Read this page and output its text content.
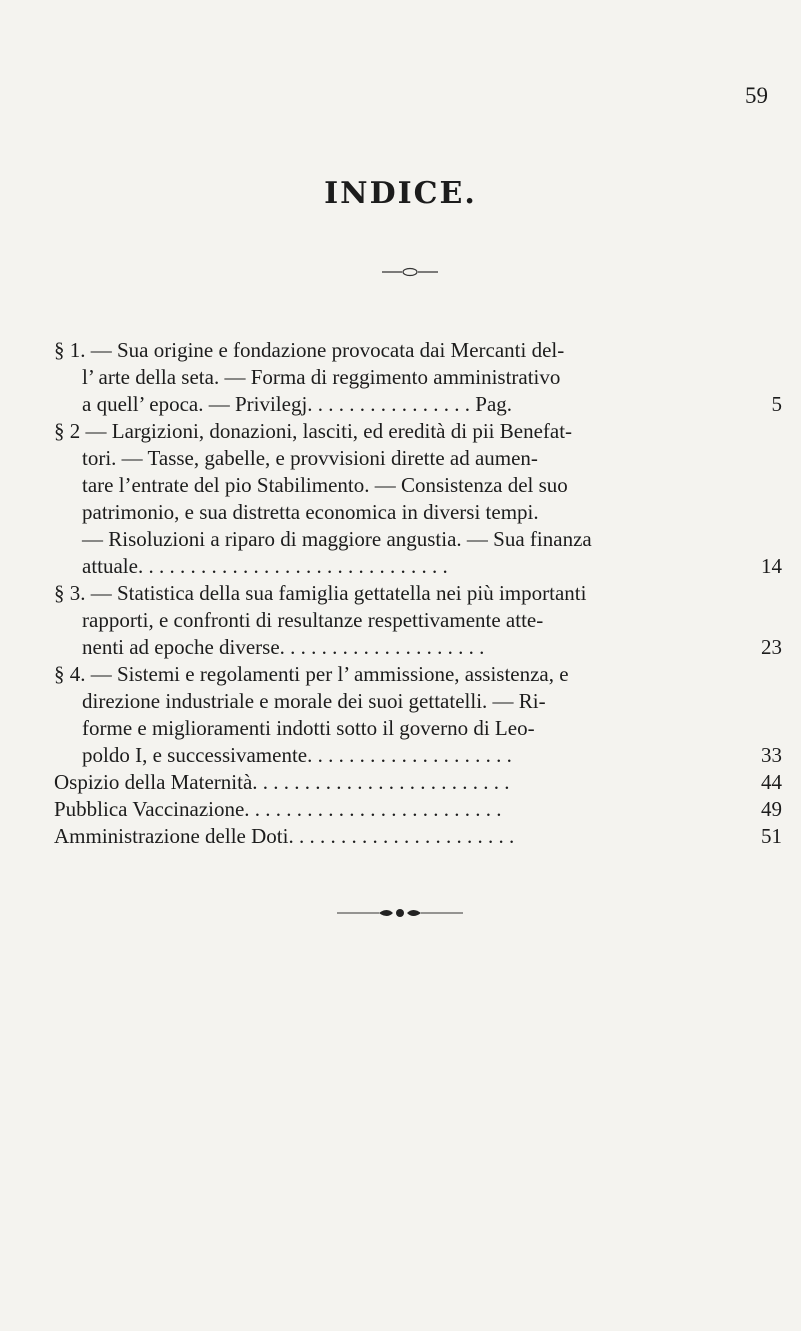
59
INDICE.
§ 1. — Sua origine e fondazione provocata dai Mercanti del-
l’ arte della seta. — Forma di reggimento amministrativo
a quell’ epoca. — Privilegj. . . . . . . . . . . . . . . . Pag.	5
§ 2 — Largizioni, donazioni, lasciti, ed eredità di pii Benefat-
tori. — Tasse, gabelle, e provvisioni dirette ad aumen-
tare l’entrate del pio Stabilimento. — Consistenza del suo
patrimonio, e sua distretta economica in diversi tempi.
— Risoluzioni a riparo di maggiore angustia. — Sua finanza
attuale. . . . . . . . . . . . . . . . . . . . . . . . . . . . . .	14
§ 3. — Statistica della sua famiglia gettatella nei più importanti
rapporti, e confronti di resultanze respettivamente atte-
nenti ad epoche diverse. . . . . . . . . . . . . . . . . . . .	23
§ 4. — Sistemi e regolamenti per l’ ammissione, assistenza, e
direzione industriale e morale dei suoi gettatelli. — Ri-
forme e miglioramenti indotti sotto il governo di Leo-
poldo I, e successivamente. . . . . . . . . . . . . . . . . . . .	33
Ospizio della Maternità. . . . . . . . . . . . . . . . . . . . . . . . .	44
Pubblica Vaccinazione. . . . . . . . . . . . . . . . . . . . . . . . .	49
Amministrazione delle Doti. . . . . . . . . . . . . . . . . . . . . .	51
